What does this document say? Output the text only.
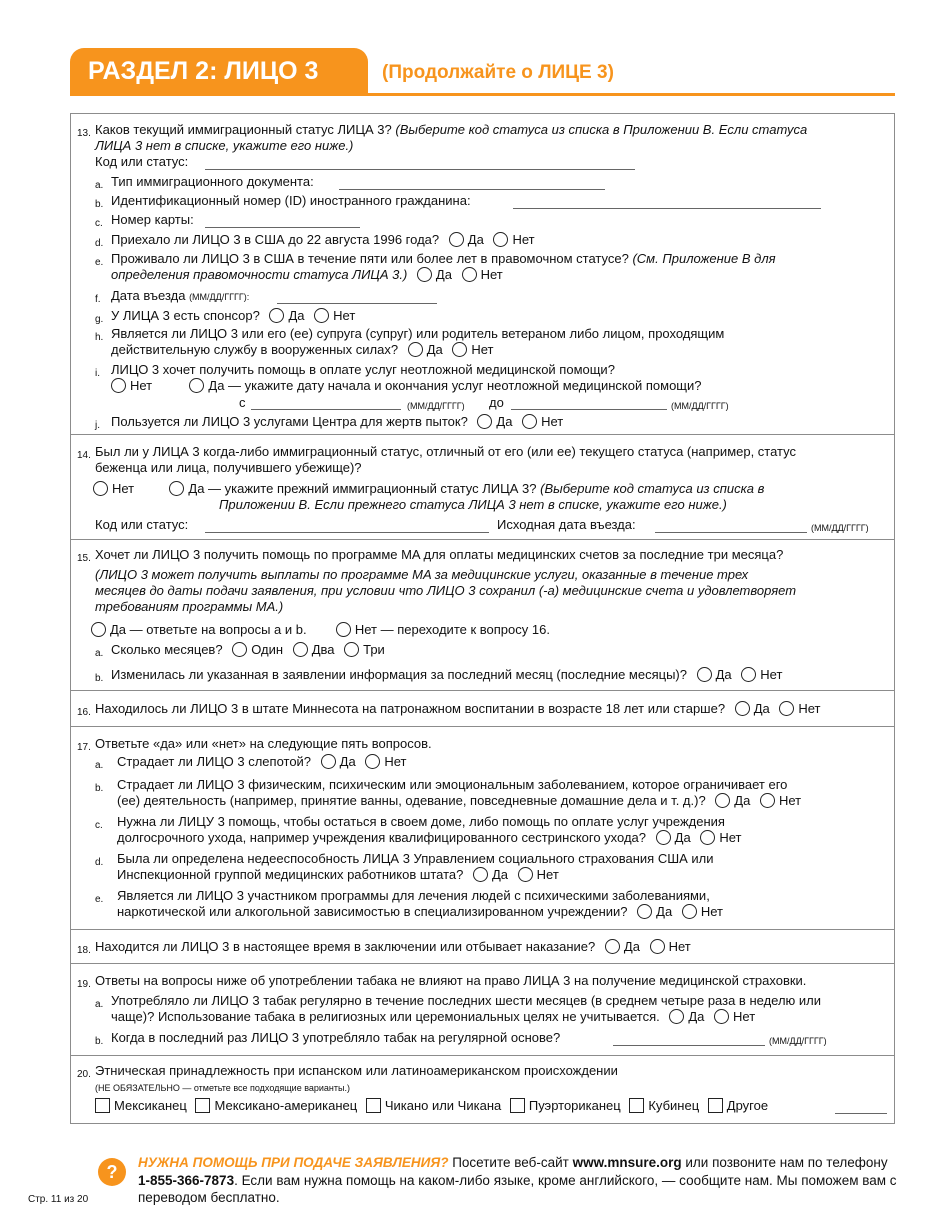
РАЗДЕЛ 2: ЛИЦО 3	(Продолжайте о ЛИЦЕ 3)
13. Каков текущий иммиграционный статус ЛИЦА 3? (Выберите код статуса из списка в Приложении В. Если статуса
ЛИЦА 3 нет в списке, укажите его ниже.)
Код или статус:
a. Тип иммиграционного документа:
b. Идентификационный номер (ID) иностранного гражданина:
c. Номер карты:
d. Приехало ли ЛИЦО 3 в США до 22 августа 1996 года? Да Нет
e. Проживало ли ЛИЦО 3 в США в течение пяти или более лет в правомочном статусе? (См. Приложение В для
определения правомочности статуса ЛИЦА 3.) Да Нет
f. Дата въезда (ММ/ДД/ГГГГ):
g. У ЛИЦА 3 есть спонсор? Да Нет
h. Является ли ЛИЦО 3 или его (ее) супруга (супруг) или родитель ветераном либо лицом, проходящим
действительную службу в вооруженных силах? Да Нет
i. ЛИЦО 3 хочет получить помощь в оплате услуг неотложной медицинской помощи?
Нет	Да — укажите дату начала и окончания услуг неотложной медицинской помощи?
с	(ММ/ДД/ГГГГ) до	(ММ/ДД/ГГГГ)
j. Пользуется ли ЛИЦО 3 услугами Центра для жертв пыток? Да Нет
14. Был ли у ЛИЦА 3 когда-либо иммиграционный статус, отличный от его (или ее) текущего статуса (например, статус
беженца или лица, получившего убежище)?
Нет	Да — укажите прежний иммиграционный статус ЛИЦА 3? (Выберите код статуса из списка в
Приложении В. Если прежнего статуса ЛИЦА 3 нет в списке, укажите его ниже.)
Код или статус:	Исходная дата въезда:	(ММ/ДД/ГГГГ)
15. Хочет ли ЛИЦО 3 получить помощь по программе MA для оплаты медицинских счетов за последние три месяца?
(ЛИЦО 3 может получить выплаты по программе MA за медицинские услуги, оказанные в течение трех
месяцев до даты подачи заявления, при условии что ЛИЦО 3 сохранил (-а) медицинские счета и удовлетворяет
требованиям программы MA.)
Да — ответьте на вопросы a и b.	Нет — переходите к вопросу 16.
a. Сколько месяцев? Один Два Три
b. Изменилась ли указанная в заявлении информация за последний месяц (последние месяцы)? Да Нет
16. Находилось ли ЛИЦО 3 в штате Миннесота на патронажном воспитании в возрасте 18 лет или старше? Да Нет
17. Ответьте «да» или «нет» на следующие пять вопросов.
a. Страдает ли ЛИЦО 3 слепотой? Да Нет
b. Страдает ли ЛИЦО 3 физическим, психическим или эмоциональным заболеванием, которое ограничивает его
(ее) деятельность (например, принятие ванны, одевание, повседневные домашние дела и т. д.)? Да Нет
c. Нужна ли ЛИЦУ 3 помощь, чтобы остаться в своем доме, либо помощь по оплате услуг учреждения
долгосрочного ухода, например учреждения квалифицированного сестринского ухода? Да Нет
d. Была ли определена недееспособность ЛИЦА 3 Управлением социального страхования США или
Инспекционной группой медицинских работников штата? Да Нет
e. Является ли ЛИЦО 3 участником программы для лечения людей с психическими заболеваниями,
наркотической или алкогольной зависимостью в специализированном учреждении? Да Нет
18. Находится ли ЛИЦО 3 в настоящее время в заключении или отбывает наказание? Да Нет
19. Ответы на вопросы ниже об употреблении табака не влияют на право ЛИЦА 3 на получение медицинской страховки.
a. Употребляло ли ЛИЦО 3 табак регулярно в течение последних шести месяцев (в среднем четыре раза в неделю или
чаще)? Использование табака в религиозных или церемониальных целях не учитывается. Да Нет
b. Когда в последний раз ЛИЦО 3 употребляло табак на регулярной основе?	(ММ/ДД/ГГГГ)
20. Этническая принадлежность при испанском или латиноамериканском происхождении
(НЕ ОБЯЗАТЕЛЬНО — отметьте все подходящие варианты.)
Мексиканец Мексикано-американец Чикано или Чикана Пуэрториканец Кубинец Другое
? НУЖНА ПОМОЩЬ ПРИ ПОДАЧЕ ЗАЯВЛЕНИЯ? Посетите веб-сайт www.mnsure.org или позвоните нам по телефону 1-855-366-7873. Если вам нужна помощь на каком-либо языке, кроме английского, — сообщите нам. Мы поможем вам с переводом бесплатно.
Стр. 11 из 20
